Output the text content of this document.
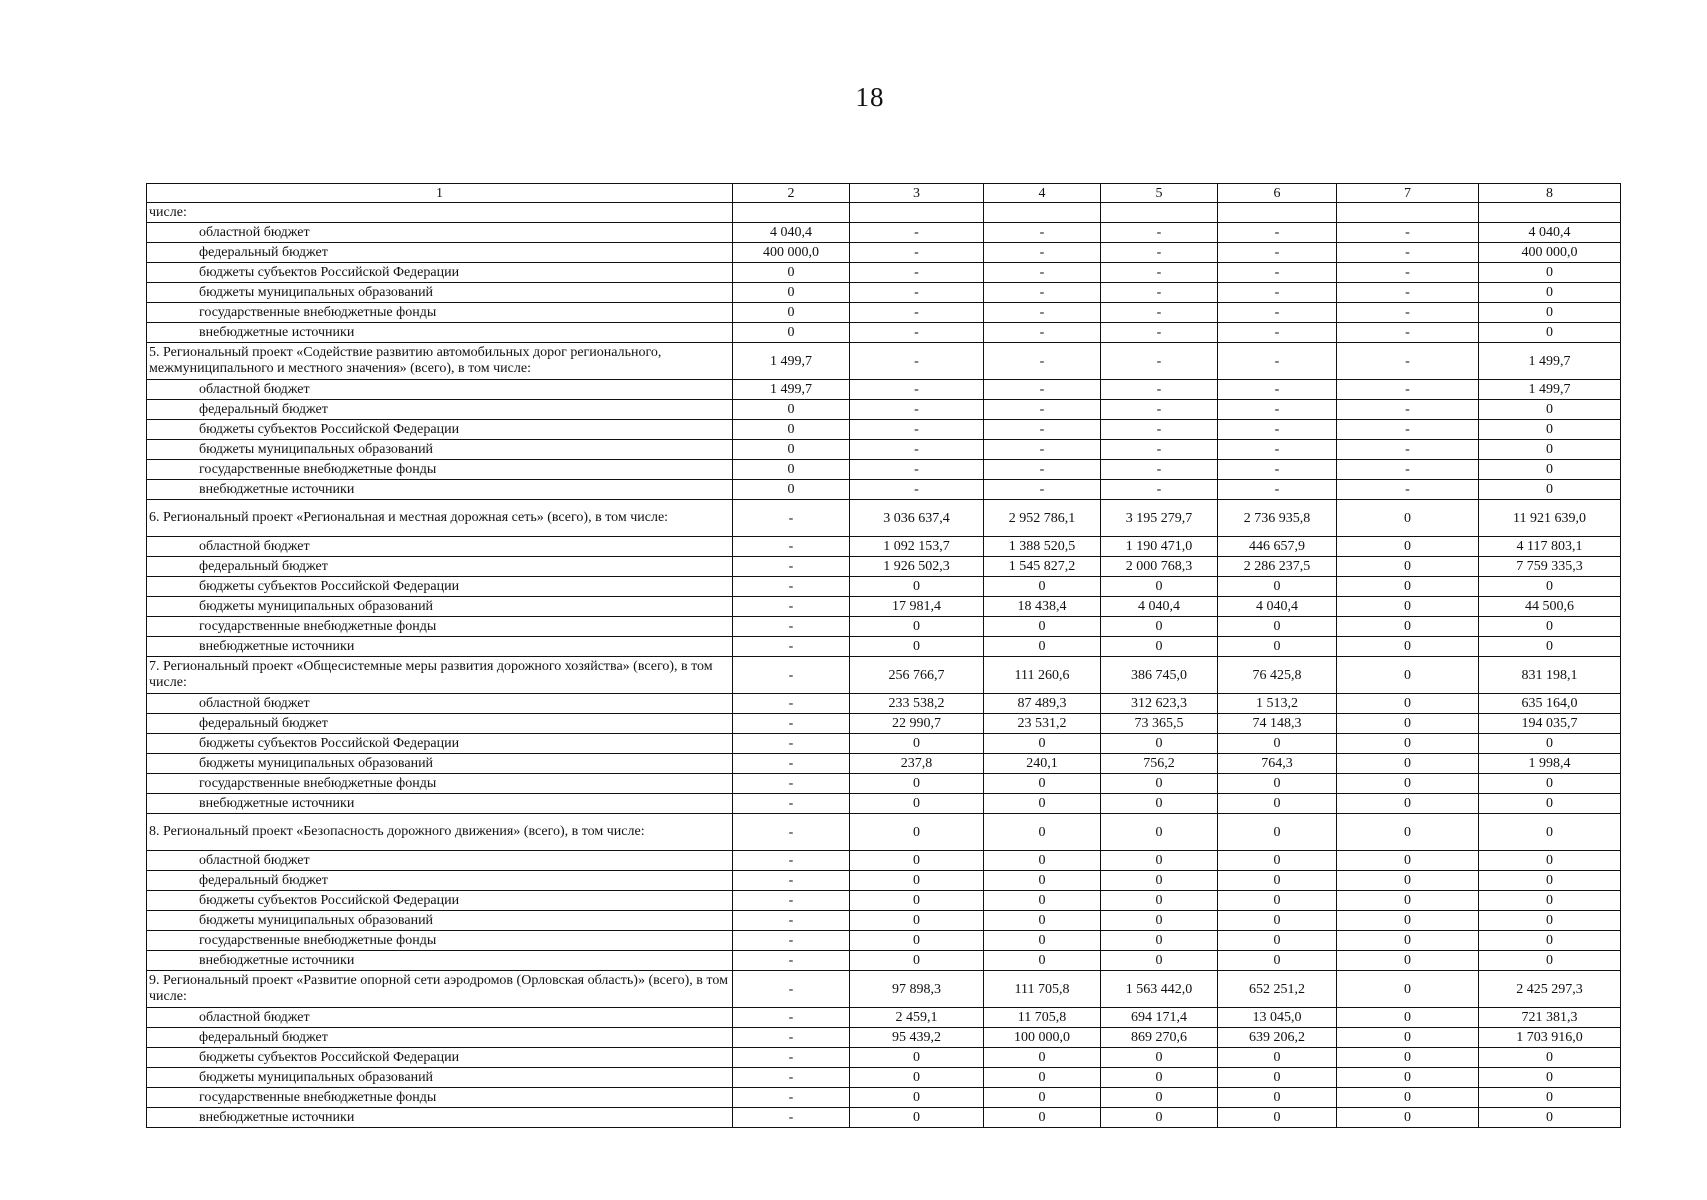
18
1	2	3	4	5	6	7	8
числе:							
областной бюджет	4 040,4	-	-	-	-	-	4 040,4
федеральный бюджет	400 000,0	-	-	-	-	-	400 000,0
бюджеты субъектов Российской Федерации	0	-	-	-	-	-	0
бюджеты муниципальных образований	0	-	-	-	-	-	0
государственные внебюджетные фонды	0	-	-	-	-	-	0
внебюджетные источники	0	-	-	-	-	-	0
5. Региональный проект «Содействие развитию автомобильных дорог регионального, межмуниципального и местного значения» (всего), в том числе:	1 499,7	-	-	-	-	-	1 499,7
областной бюджет	1 499,7	-	-	-	-	-	1 499,7
федеральный бюджет	0	-	-	-	-	-	0
бюджеты субъектов Российской Федерации	0	-	-	-	-	-	0
бюджеты муниципальных образований	0	-	-	-	-	-	0
государственные внебюджетные фонды	0	-	-	-	-	-	0
внебюджетные источники	0	-	-	-	-	-	0
6. Региональный проект «Региональная и местная дорожная сеть» (всего), в том числе:	-	3 036 637,4	2 952 786,1	3 195 279,7	2 736 935,8	0	11 921 639,0
областной бюджет	-	1 092 153,7	1 388 520,5	1 190 471,0	446 657,9	0	4 117 803,1
федеральный бюджет	-	1 926 502,3	1 545 827,2	2 000 768,3	2 286 237,5	0	7 759 335,3
бюджеты субъектов Российской Федерации	-	0	0	0	0	0	0
бюджеты муниципальных образований	-	17 981,4	18 438,4	4 040,4	4 040,4	0	44 500,6
государственные внебюджетные фонды	-	0	0	0	0	0	0
внебюджетные источники	-	0	0	0	0	0	0
7. Региональный проект «Общесистемные меры развития дорожного хозяйства» (всего), в том числе:	-	256 766,7	111 260,6	386 745,0	76 425,8	0	831 198,1
областной бюджет	-	233 538,2	87 489,3	312 623,3	1 513,2	0	635 164,0
федеральный бюджет	-	22 990,7	23 531,2	73 365,5	74 148,3	0	194 035,7
бюджеты субъектов Российской Федерации	-	0	0	0	0	0	0
бюджеты муниципальных образований	-	237,8	240,1	756,2	764,3	0	1 998,4
государственные внебюджетные фонды	-	0	0	0	0	0	0
внебюджетные источники	-	0	0	0	0	0	0
8. Региональный проект «Безопасность дорожного движения» (всего), в том числе:	-	0	0	0	0	0	0
областной бюджет	-	0	0	0	0	0	0
федеральный бюджет	-	0	0	0	0	0	0
бюджеты субъектов Российской Федерации	-	0	0	0	0	0	0
бюджеты муниципальных образований	-	0	0	0	0	0	0
государственные внебюджетные фонды	-	0	0	0	0	0	0
внебюджетные источники	-	0	0	0	0	0	0
9. Региональный проект «Развитие опорной сети аэродромов (Орловская область)» (всего), в том числе:	-	97 898,3	111 705,8	1 563 442,0	652 251,2	0	2 425 297,3
областной бюджет	-	2 459,1	11 705,8	694 171,4	13 045,0	0	721 381,3
федеральный бюджет	-	95 439,2	100 000,0	869 270,6	639 206,2	0	1 703 916,0
бюджеты субъектов Российской Федерации	-	0	0	0	0	0	0
бюджеты муниципальных образований	-	0	0	0	0	0	0
государственные внебюджетные фонды	-	0	0	0	0	0	0
внебюджетные источники	-	0	0	0	0	0	0
